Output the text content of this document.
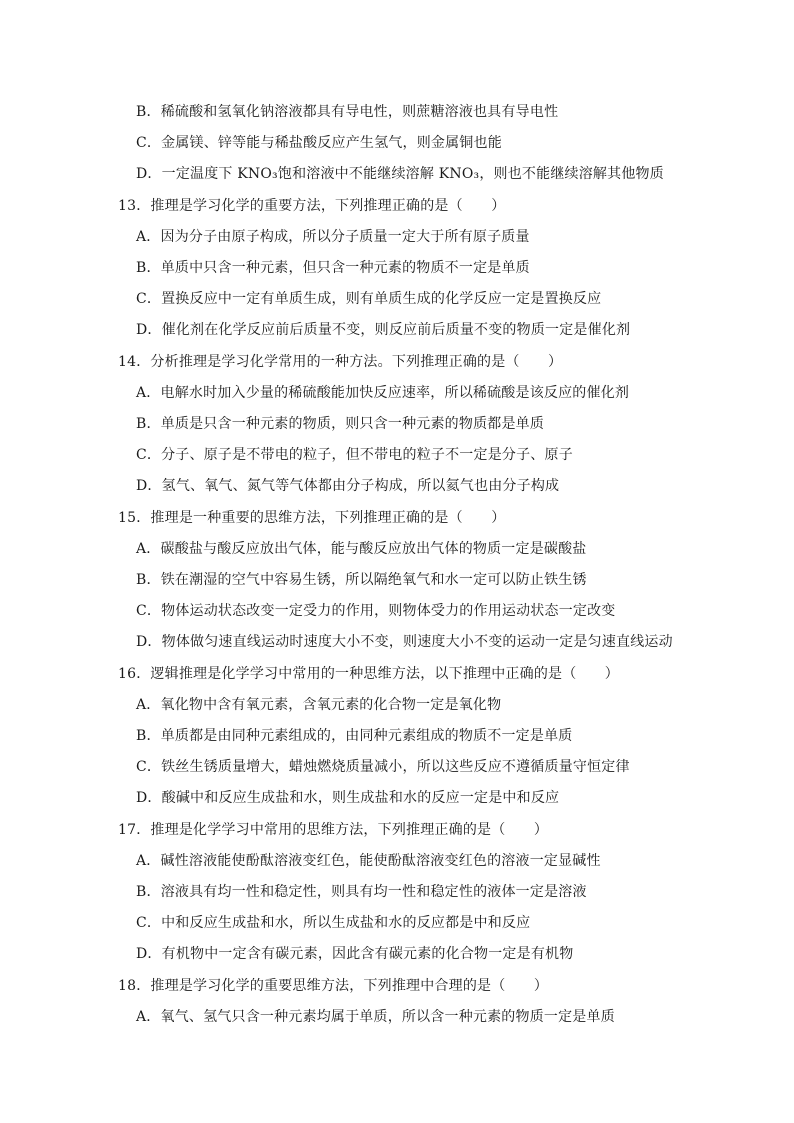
B．稀硫酸和氢氧化钠溶液都具有导电性，则蔗糖溶液也具有导电性
C．金属镁、锌等能与稀盐酸反应产生氢气，则金属铜也能
D．一定温度下 KNO₃饱和溶液中不能继续溶解 KNO₃，则也不能继续溶解其他物质
13．推理是学习化学的重要方法，下列推理正确的是（　　）
A．因为分子由原子构成，所以分子质量一定大于所有原子质量
B．单质中只含一种元素，但只含一种元素的物质不一定是单质
C．置换反应中一定有单质生成，则有单质生成的化学反应一定是置换反应
D．催化剂在化学反应前后质量不变，则反应前后质量不变的物质一定是催化剂
14．分析推理是学习化学常用的一种方法。下列推理正确的是（　　）
A．电解水时加入少量的稀硫酸能加快反应速率，所以稀硫酸是该反应的催化剂
B．单质是只含一种元素的物质，则只含一种元素的物质都是单质
C．分子、原子是不带电的粒子，但不带电的粒子不一定是分子、原子
D．氢气、氧气、氮气等气体都由分子构成，所以氦气也由分子构成
15．推理是一种重要的思维方法，下列推理正确的是（　　）
A．碳酸盐与酸反应放出气体，能与酸反应放出气体的物质一定是碳酸盐
B．铁在潮湿的空气中容易生锈，所以隔绝氧气和水一定可以防止铁生锈
C．物体运动状态改变一定受力的作用，则物体受力的作用运动状态一定改变
D．物体做匀速直线运动时速度大小不变，则速度大小不变的运动一定是匀速直线运动
16．逻辑推理是化学学习中常用的一种思维方法，以下推理中正确的是（　　）
A．氧化物中含有氧元素，含氧元素的化合物一定是氧化物
B．单质都是由同种元素组成的，由同种元素组成的物质不一定是单质
C．铁丝生锈质量增大，蜡烛燃烧质量减小，所以这些反应不遵循质量守恒定律
D．酸碱中和反应生成盐和水，则生成盐和水的反应一定是中和反应
17．推理是化学学习中常用的思维方法，下列推理正确的是（　　）
A．碱性溶液能使酚酞溶液变红色，能使酚酞溶液变红色的溶液一定显碱性
B．溶液具有均一性和稳定性，则具有均一性和稳定性的液体一定是溶液
C．中和反应生成盐和水，所以生成盐和水的反应都是中和反应
D．有机物中一定含有碳元素，因此含有碳元素的化合物一定是有机物
18．推理是学习化学的重要思维方法，下列推理中合理的是（　　）
A．氧气、氢气只含一种元素均属于单质，所以含一种元素的物质一定是单质
